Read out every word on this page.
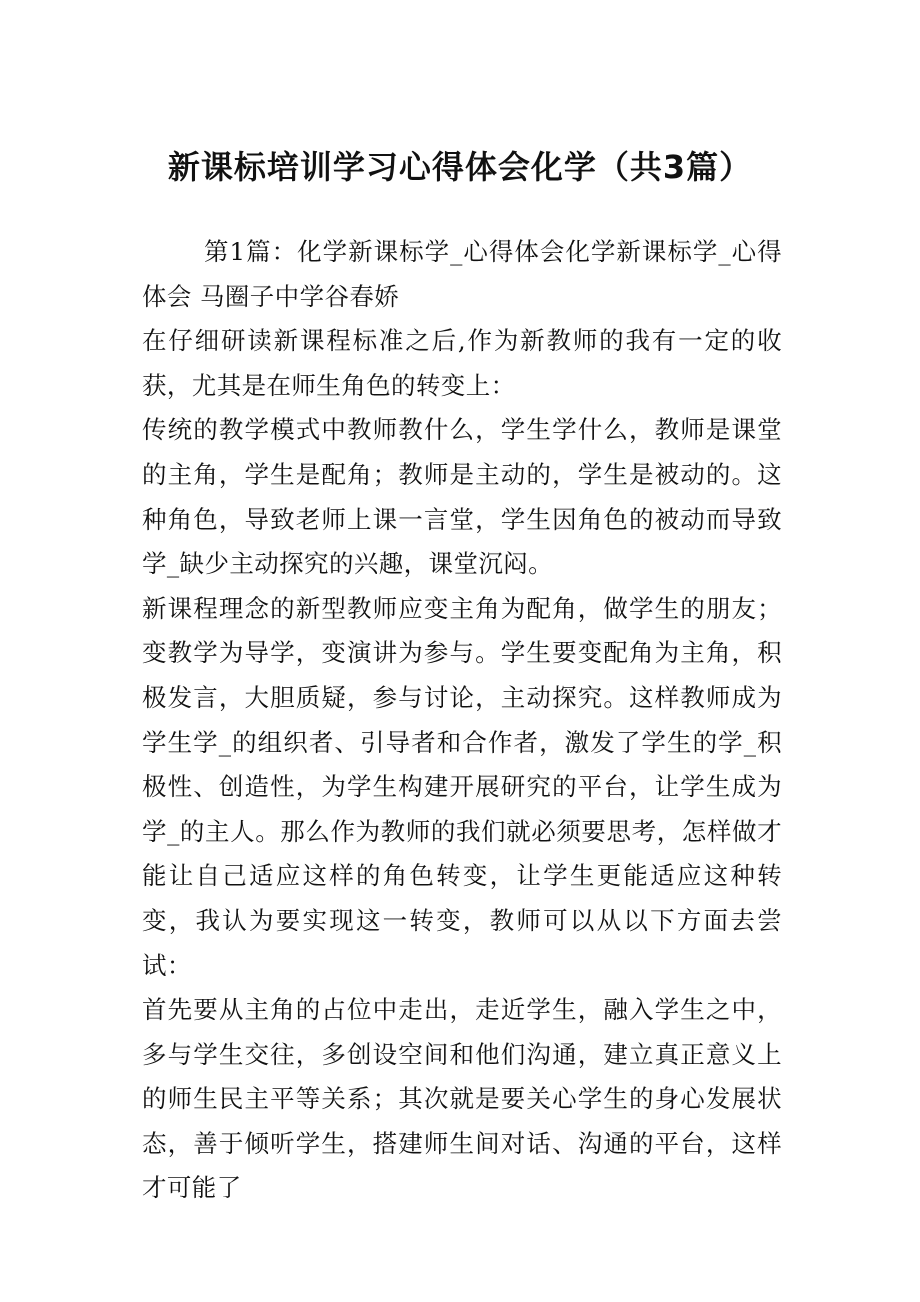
新课标培训学习心得体会化学（共3篇）

第1篇：化学新课标学_心得体会化学新课标学_心得体会 马圈子中学谷春娇

在仔细研读新课程标准之后,作为新教师的我有一定的收获，尤其是在师生角色的转变上：

传统的教学模式中教师教什么，学生学什么，教师是课堂的主角，学生是配角；教师是主动的，学生是被动的。这种角色，导致老师上课一言堂，学生因角色的被动而导致学_缺少主动探究的兴趣，课堂沉闷。

新课程理念的新型教师应变主角为配角，做学生的朋友；变教学为导学，变演讲为参与。学生要变配角为主角，积极发言，大胆质疑，参与讨论，主动探究。这样教师成为学生学_的组织者、引导者和合作者，激发了学生的学_积极性、创造性，为学生构建开展研究的平台，让学生成为学_的主人。那么作为教师的我们就必须要思考，怎样做才能让自己适应这样的角色转变，让学生更能适应这种转变，我认为要实现这一转变，教师可以从以下方面去尝试：

首先要从主角的占位中走出，走近学生，融入学生之中，多与学生交往，多创设空间和他们沟通，建立真正意义上的师生民主平等关系；其次就是要关心学生的身心发展状态，善于倾听学生，搭建师生间对话、沟通的平台，这样才可能了
